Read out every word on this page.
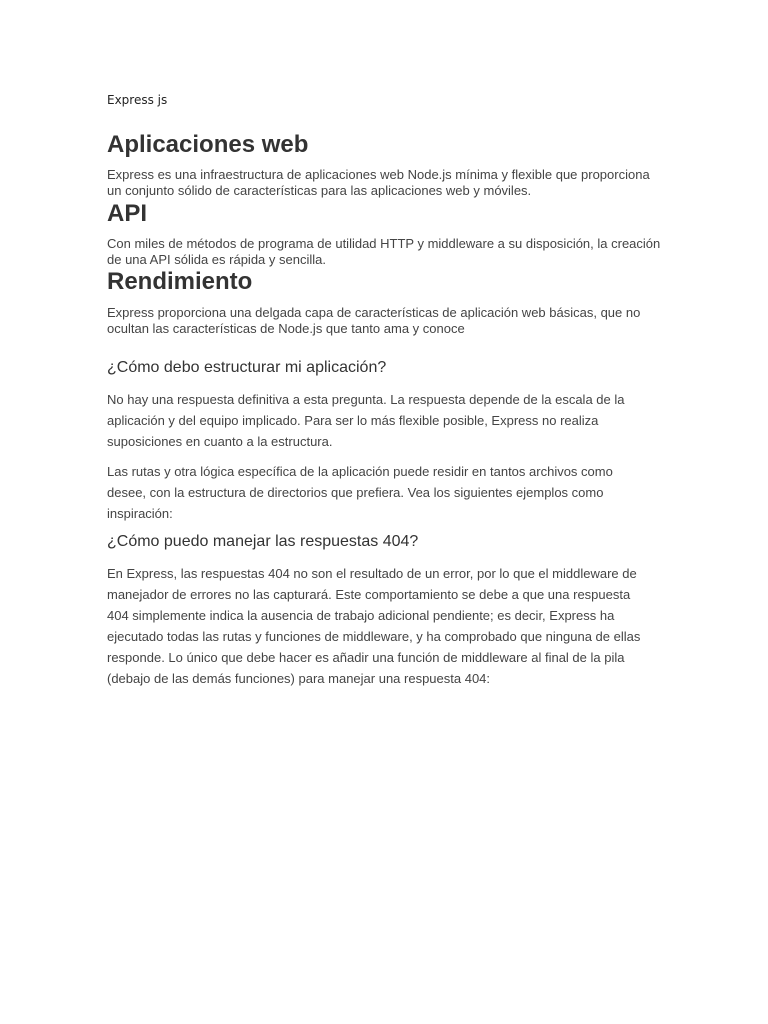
Express js

Aplicaciones web

Express es una infraestructura de aplicaciones web Node.js mínima y flexible que proporciona un conjunto sólido de características para las aplicaciones web y móviles.

API

Con miles de métodos de programa de utilidad HTTP y middleware a su disposición, la creación de una API sólida es rápida y sencilla.

Rendimiento

Express proporciona una delgada capa de características de aplicación web básicas, que no ocultan las características de Node.js que tanto ama y conoce

¿Cómo debo estructurar mi aplicación?

No hay una respuesta definitiva a esta pregunta. La respuesta depende de la escala de la aplicación y del equipo implicado. Para ser lo más flexible posible, Express no realiza suposiciones en cuanto a la estructura.

Las rutas y otra lógica específica de la aplicación puede residir en tantos archivos como desee, con la estructura de directorios que prefiera. Vea los siguientes ejemplos como inspiración:

¿Cómo puedo manejar las respuestas 404?

En Express, las respuestas 404 no son el resultado de un error, por lo que el middleware de manejador de errores no las capturará. Este comportamiento se debe a que una respuesta 404 simplemente indica la ausencia de trabajo adicional pendiente; es decir, Express ha ejecutado todas las rutas y funciones de middleware, y ha comprobado que ninguna de ellas responde. Lo único que debe hacer es añadir una función de middleware al final de la pila (debajo de las demás funciones) para manejar una respuesta 404:
